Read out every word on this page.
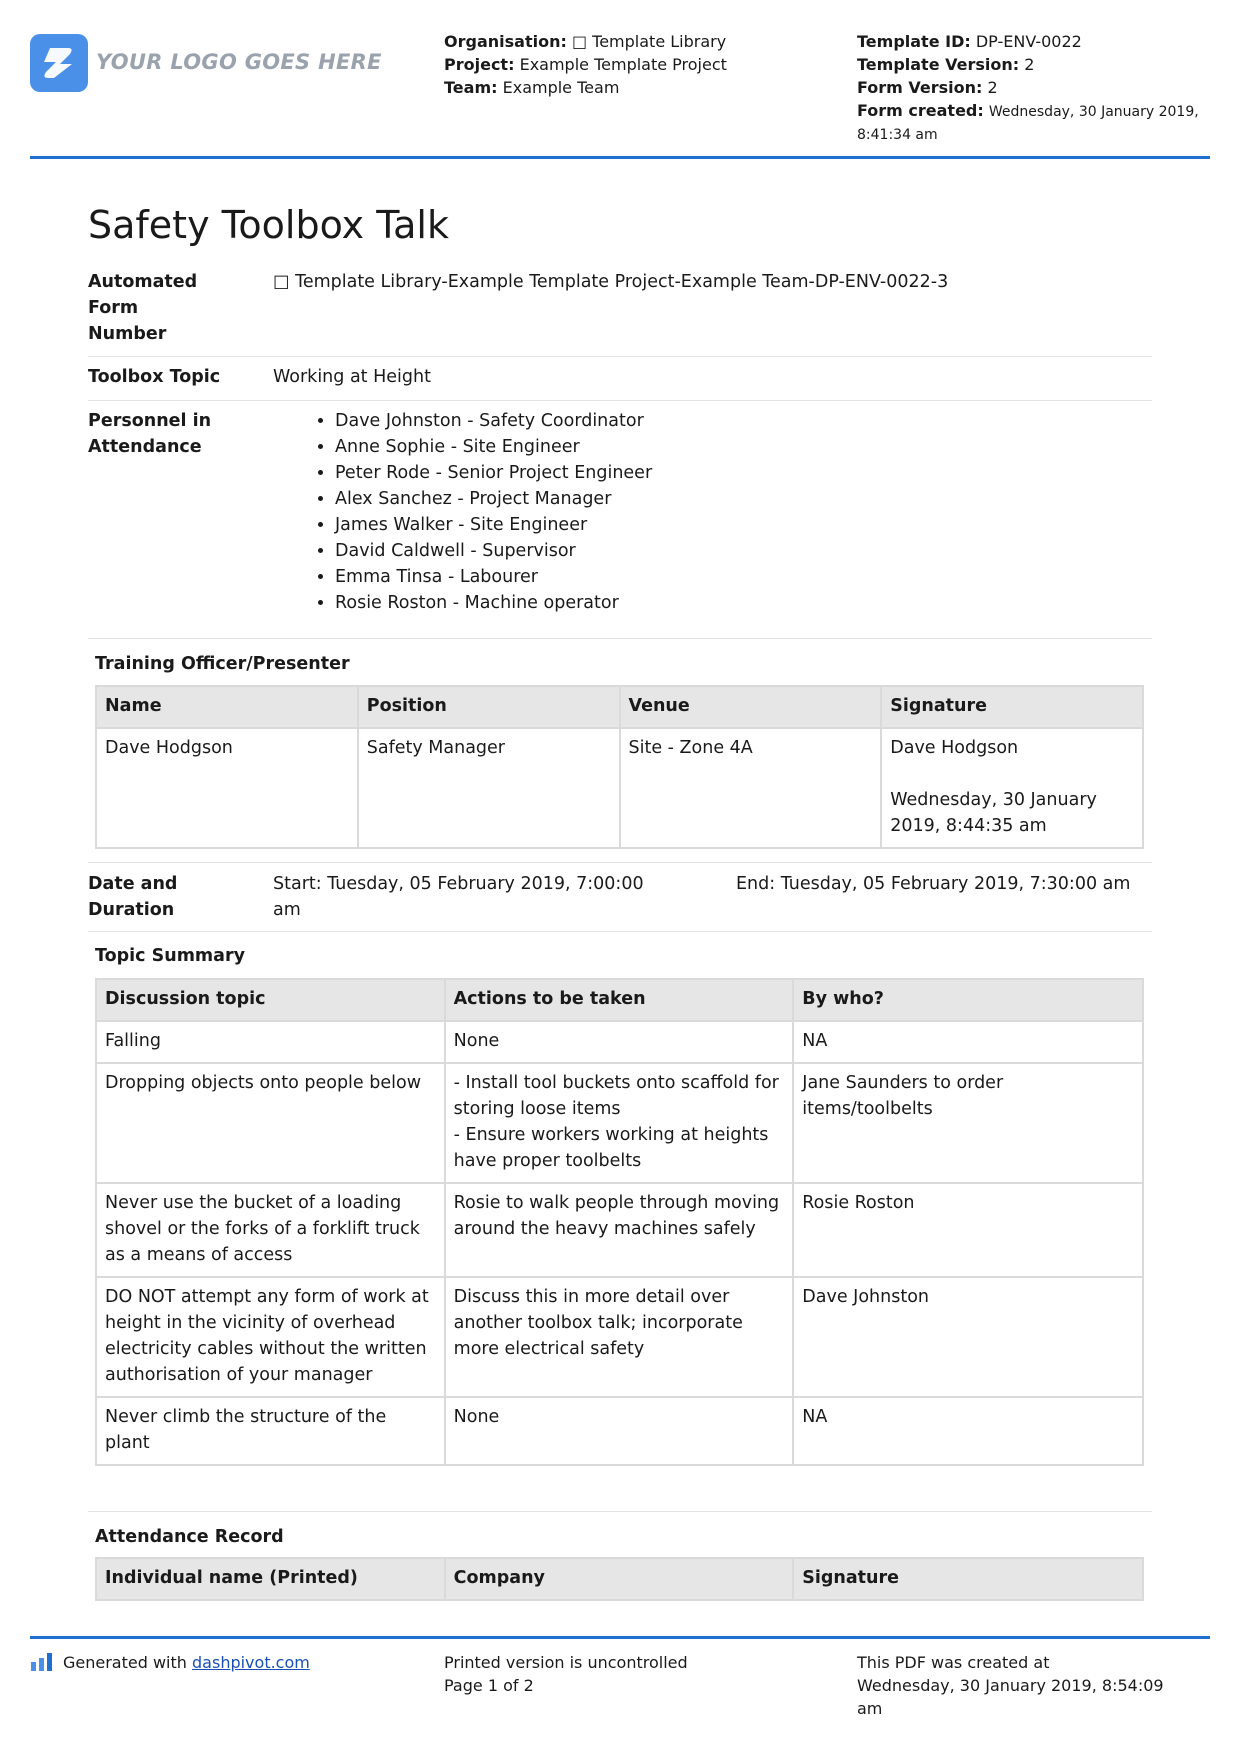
YOUR LOGO GOES HERE
Organisation: □ Template Library
Project: Example Template Project
Team: Example Team
Template ID: DP-ENV-0022
Template Version: 2
Form Version: 2
Form created: Wednesday, 30 January 2019,
8:41:34 am
Safety Toolbox Talk
Automated
Form
Number
□ Template Library-Example Template Project-Example Team-DP-ENV-0022-3
Toolbox Topic	Working at Height
Personnel in
Attendance
• Dave Johnston - Safety Coordinator
• Anne Sophie - Site Engineer
• Peter Rode - Senior Project Engineer
• Alex Sanchez - Project Manager
• James Walker - Site Engineer
• David Caldwell - Supervisor
• Emma Tinsa - Labourer
• Rosie Roston - Machine operator
Training Officer/Presenter
Name	Position	Venue	Signature
Dave Hodgson	Safety Manager	Site - Zone 4A	Dave Hodgson
Wednesday, 30 January
2019, 8:44:35 am
Date and
Duration
Start: Tuesday, 05 February 2019, 7:00:00
am
End: Tuesday, 05 February 2019, 7:30:00 am
Topic Summary
Discussion topic	Actions to be taken	By who?
Falling	None	NA
Dropping objects onto people below	- Install tool buckets onto scaffold for storing loose items
- Ensure workers working at heights have proper toolbelts	Jane Saunders to order items/toolbelts
Never use the bucket of a loading shovel or the forks of a forklift truck as a means of access	Rosie to walk people through moving around the heavy machines safely	Rosie Roston
DO NOT attempt any form of work at height in the vicinity of overhead electricity cables without the written authorisation of your manager	Discuss this in more detail over another toolbox talk; incorporate more electrical safety	Dave Johnston
Never climb the structure of the plant	None	NA
Attendance Record
Individual name (Printed)	Company	Signature
Generated with dashpivot.com	Printed version is uncontrolled
Page 1 of 2
This PDF was created at
Wednesday, 30 January 2019, 8:54:09
am
